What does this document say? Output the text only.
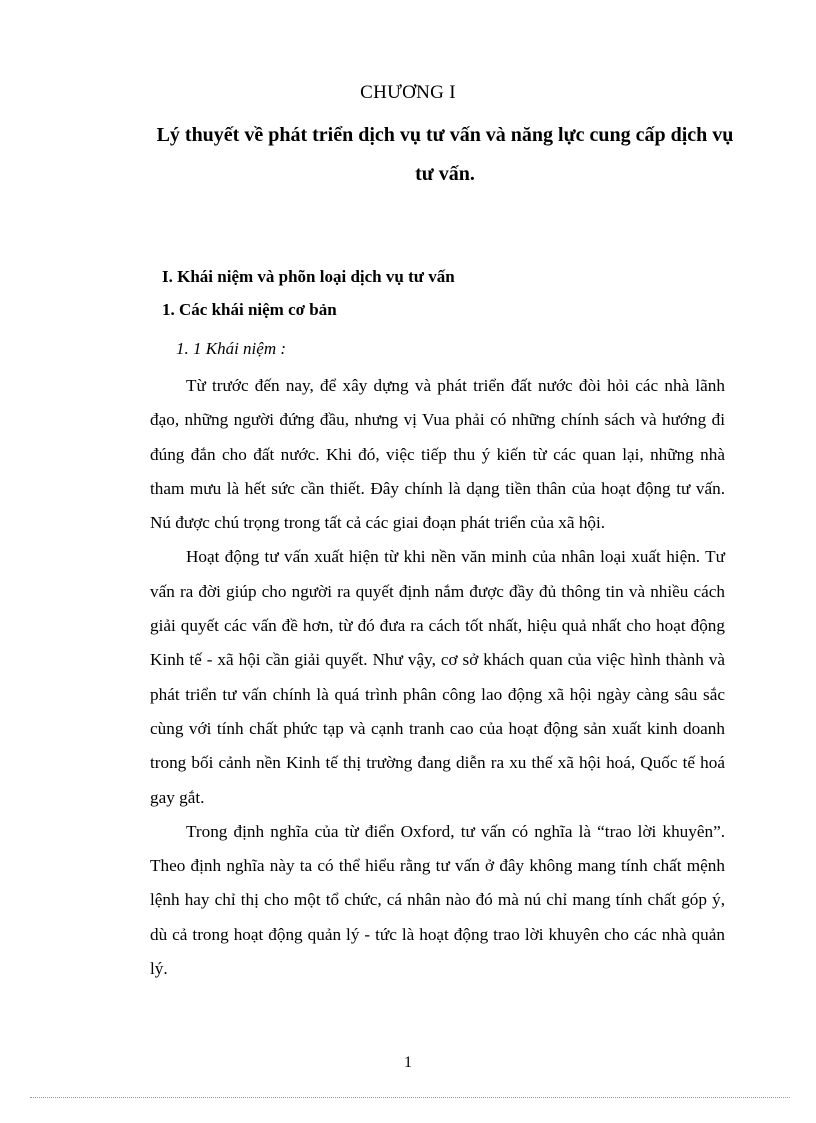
CHƯƠNG I
Lý thuyết về phát triển dịch vụ tư vấn và năng lực cung cấp dịch vụ tư vấn.
I. Khái niệm và phõn loại dịch vụ tư vấn
1. Các khái niệm cơ bản
1. 1 Khái niệm :

Từ trước đến nay, để xây dựng và phát triển đất nước đòi hỏi các nhà lãnh đạo, những người đứng đầu, nhưng vị Vua phải có những chính sách và hướng đi đúng đắn cho đất nước. Khi đó, việc tiếp thu ý kiến từ các quan lại, những nhà tham mưu là hết sức cần thiết. Đây chính là dạng tiền thân của hoạt động tư vấn. Nú được chú trọng trong tất cả các giai đoạn phát triển của xã hội.

Hoạt động tư vấn xuất hiện từ khi nền văn minh của nhân loại xuất hiện. Tư vấn ra đời giúp cho người ra quyết định nắm được đầy đủ thông tin và nhiều cách giải quyết các vấn đề hơn, từ đó đưa ra cách tốt nhất, hiệu quả nhất cho hoạt động Kinh tế - xã hội cần giải quyết. Như vậy, cơ sở khách quan của việc hình thành và phát triển tư vấn chính là quá trình phân công lao động xã hội ngày càng sâu sắc cùng với tính chất phức tạp và cạnh tranh cao của hoạt động sản xuất kinh doanh trong bối cảnh nền Kinh tế thị trường đang diễn ra xu thế xã hội hoá, Quốc tế hoá gay gắt.

Trong định nghĩa của từ điển Oxford, tư vấn có nghĩa là “trao lời khuyên”. Theo định nghĩa này ta có thể hiểu rằng tư vấn ở đây không mang tính chất mệnh lệnh hay chỉ thị cho một tổ chức, cá nhân nào đó mà nú chỉ mang tính chất góp ý, dù cả trong hoạt động quản lý - tức là hoạt động trao lời khuyên cho các nhà quản lý.

1
